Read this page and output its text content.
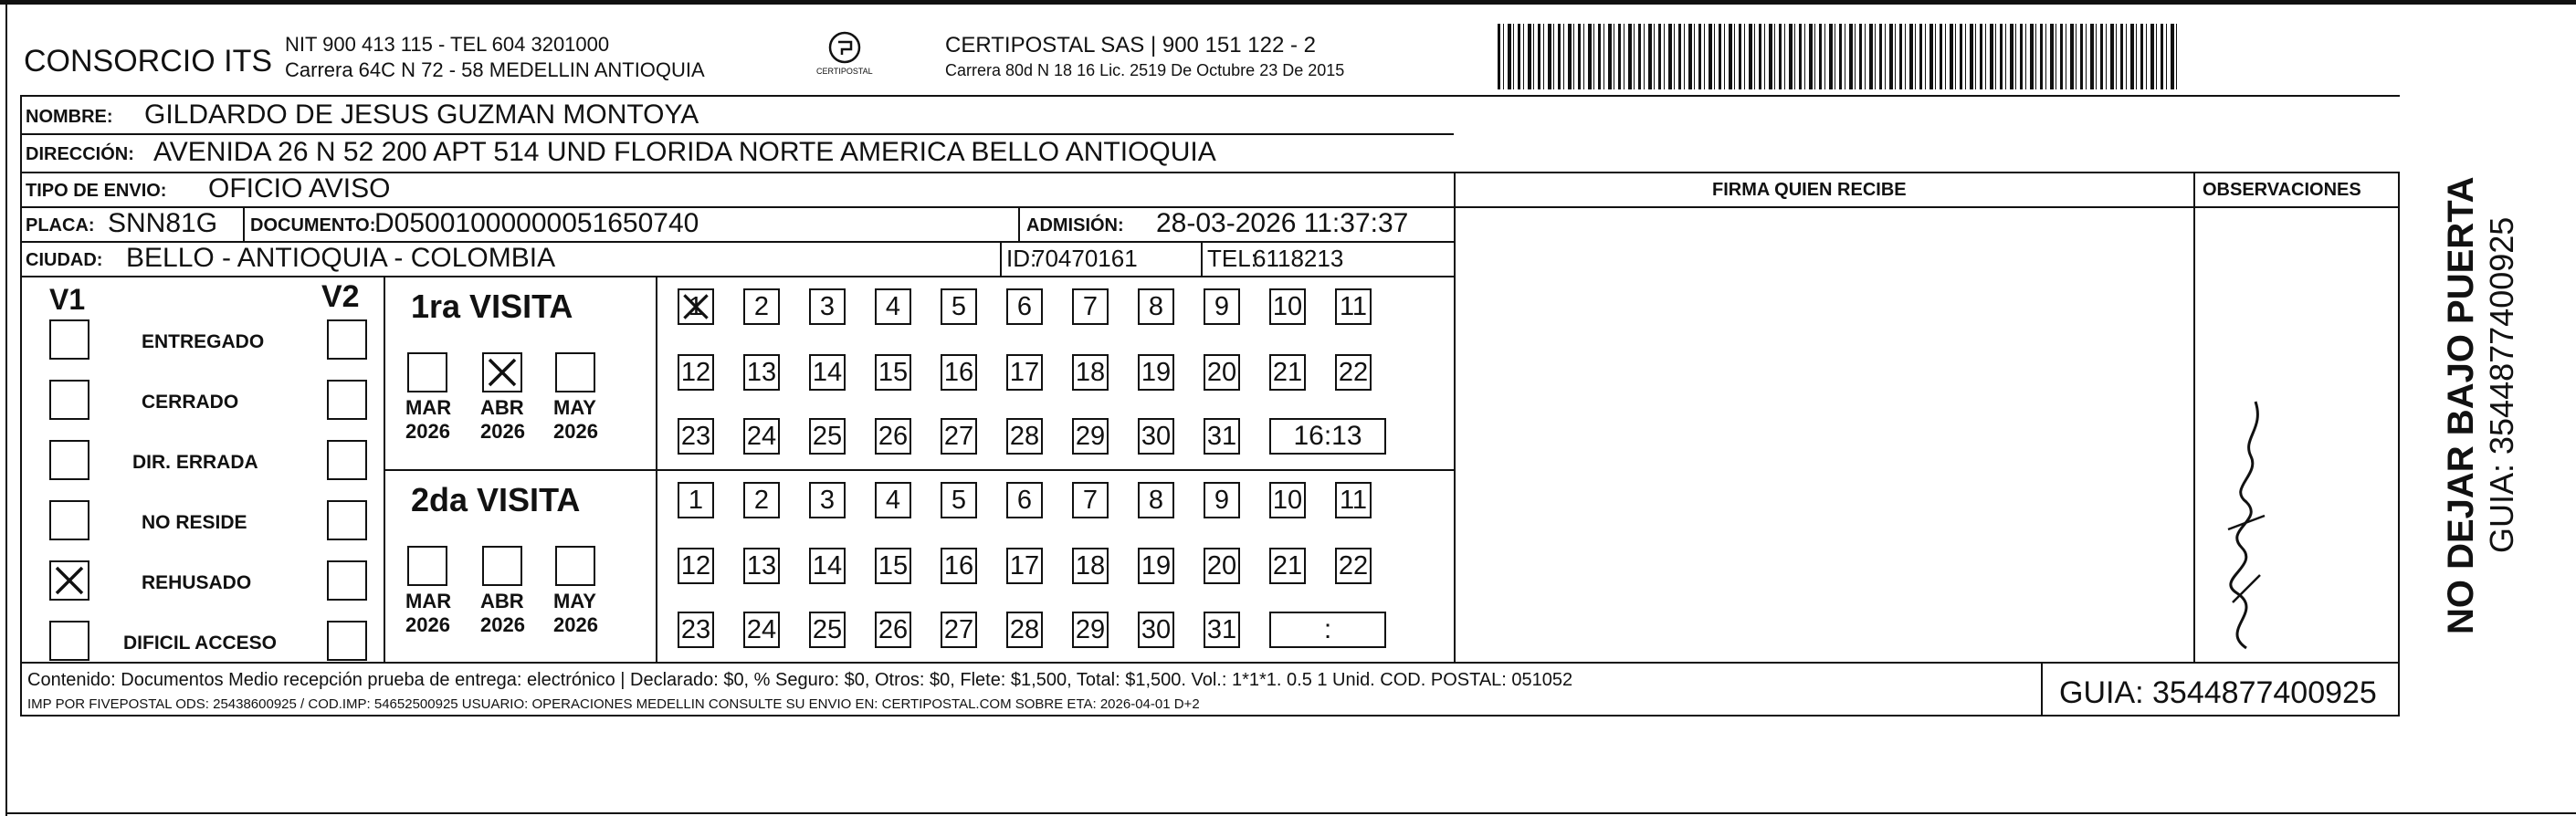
CONSORCIO ITS NIT 900 413 115 - TEL 604 3201000
Carrera 64C N 72 - 58 MEDELLIN ANTIOQUIA	CERTIPOSTAL
CERTIPOSTAL SAS | 900 151 122 - 2
Carrera 80d N 18 16 Lic. 2519 De Octubre 23 De 2015
NOMBRE: GILDARDO DE JESUS GUZMAN MONTOYA
DIRECCIÓN: AVENIDA 26 N 52 200 APT 514 UND FLORIDA NORTE AMERICA BELLO ANTIOQUIA
TIPO DE ENVIO: OFICIO AVISO	FIRMA QUIEN RECIBE	OBSERVACIONES
PLACA: SNN81G DOCUMENTO:
D05001000000051650740	ADMISIÓN: 28-03-2026 11:37:37
CIUDAD: BELLO - ANTIOQUIA - COLOMBIA	ID:
70470161	TEL:
6118213
V1	V2
ENTREGADO
CERRADO
DIR. ERRADA
NO RESIDE
REHUSADO
DIFICIL ACCESO
1ra VISITA
MAR
2026
ABR
2026
MAY
2026
1 2 3 4 5 6 7 8 9 10 11
12 13 14 15 16 17 18 19 20 21 22
23 24 25 26 27 28 29 30 31	16:13
2da VISITA
MAR
2026
ABR
2026
MAY
2026
1 2 3 4 5 6 7 8 9 10 11
12 13 14 15 16 17 18 19 20 21 22
23 24 25 26 27 28 29 30 31	:
Contenido: Documentos Medio recepción prueba de entrega: electrónico | Declarado: $0, % Seguro: $0, Otros: $0, Flete: $1,500, Total: $1,500. Vol.: 1*1*1. 0.5 1 Unid. COD. POSTAL: 051052
IMP POR FIVEPOSTAL ODS: 25438600925 / COD.IMP: 54652500925 USUARIO: OPERACIONES MEDELLIN CONSULTE SU ENVIO EN: CERTIPOSTAL.COM SOBRE ETA: 2026-04-01 D+2	GUIA: 3544877400925
NO DEJAR BAJO PUERTA GUIA: 3544877400925
